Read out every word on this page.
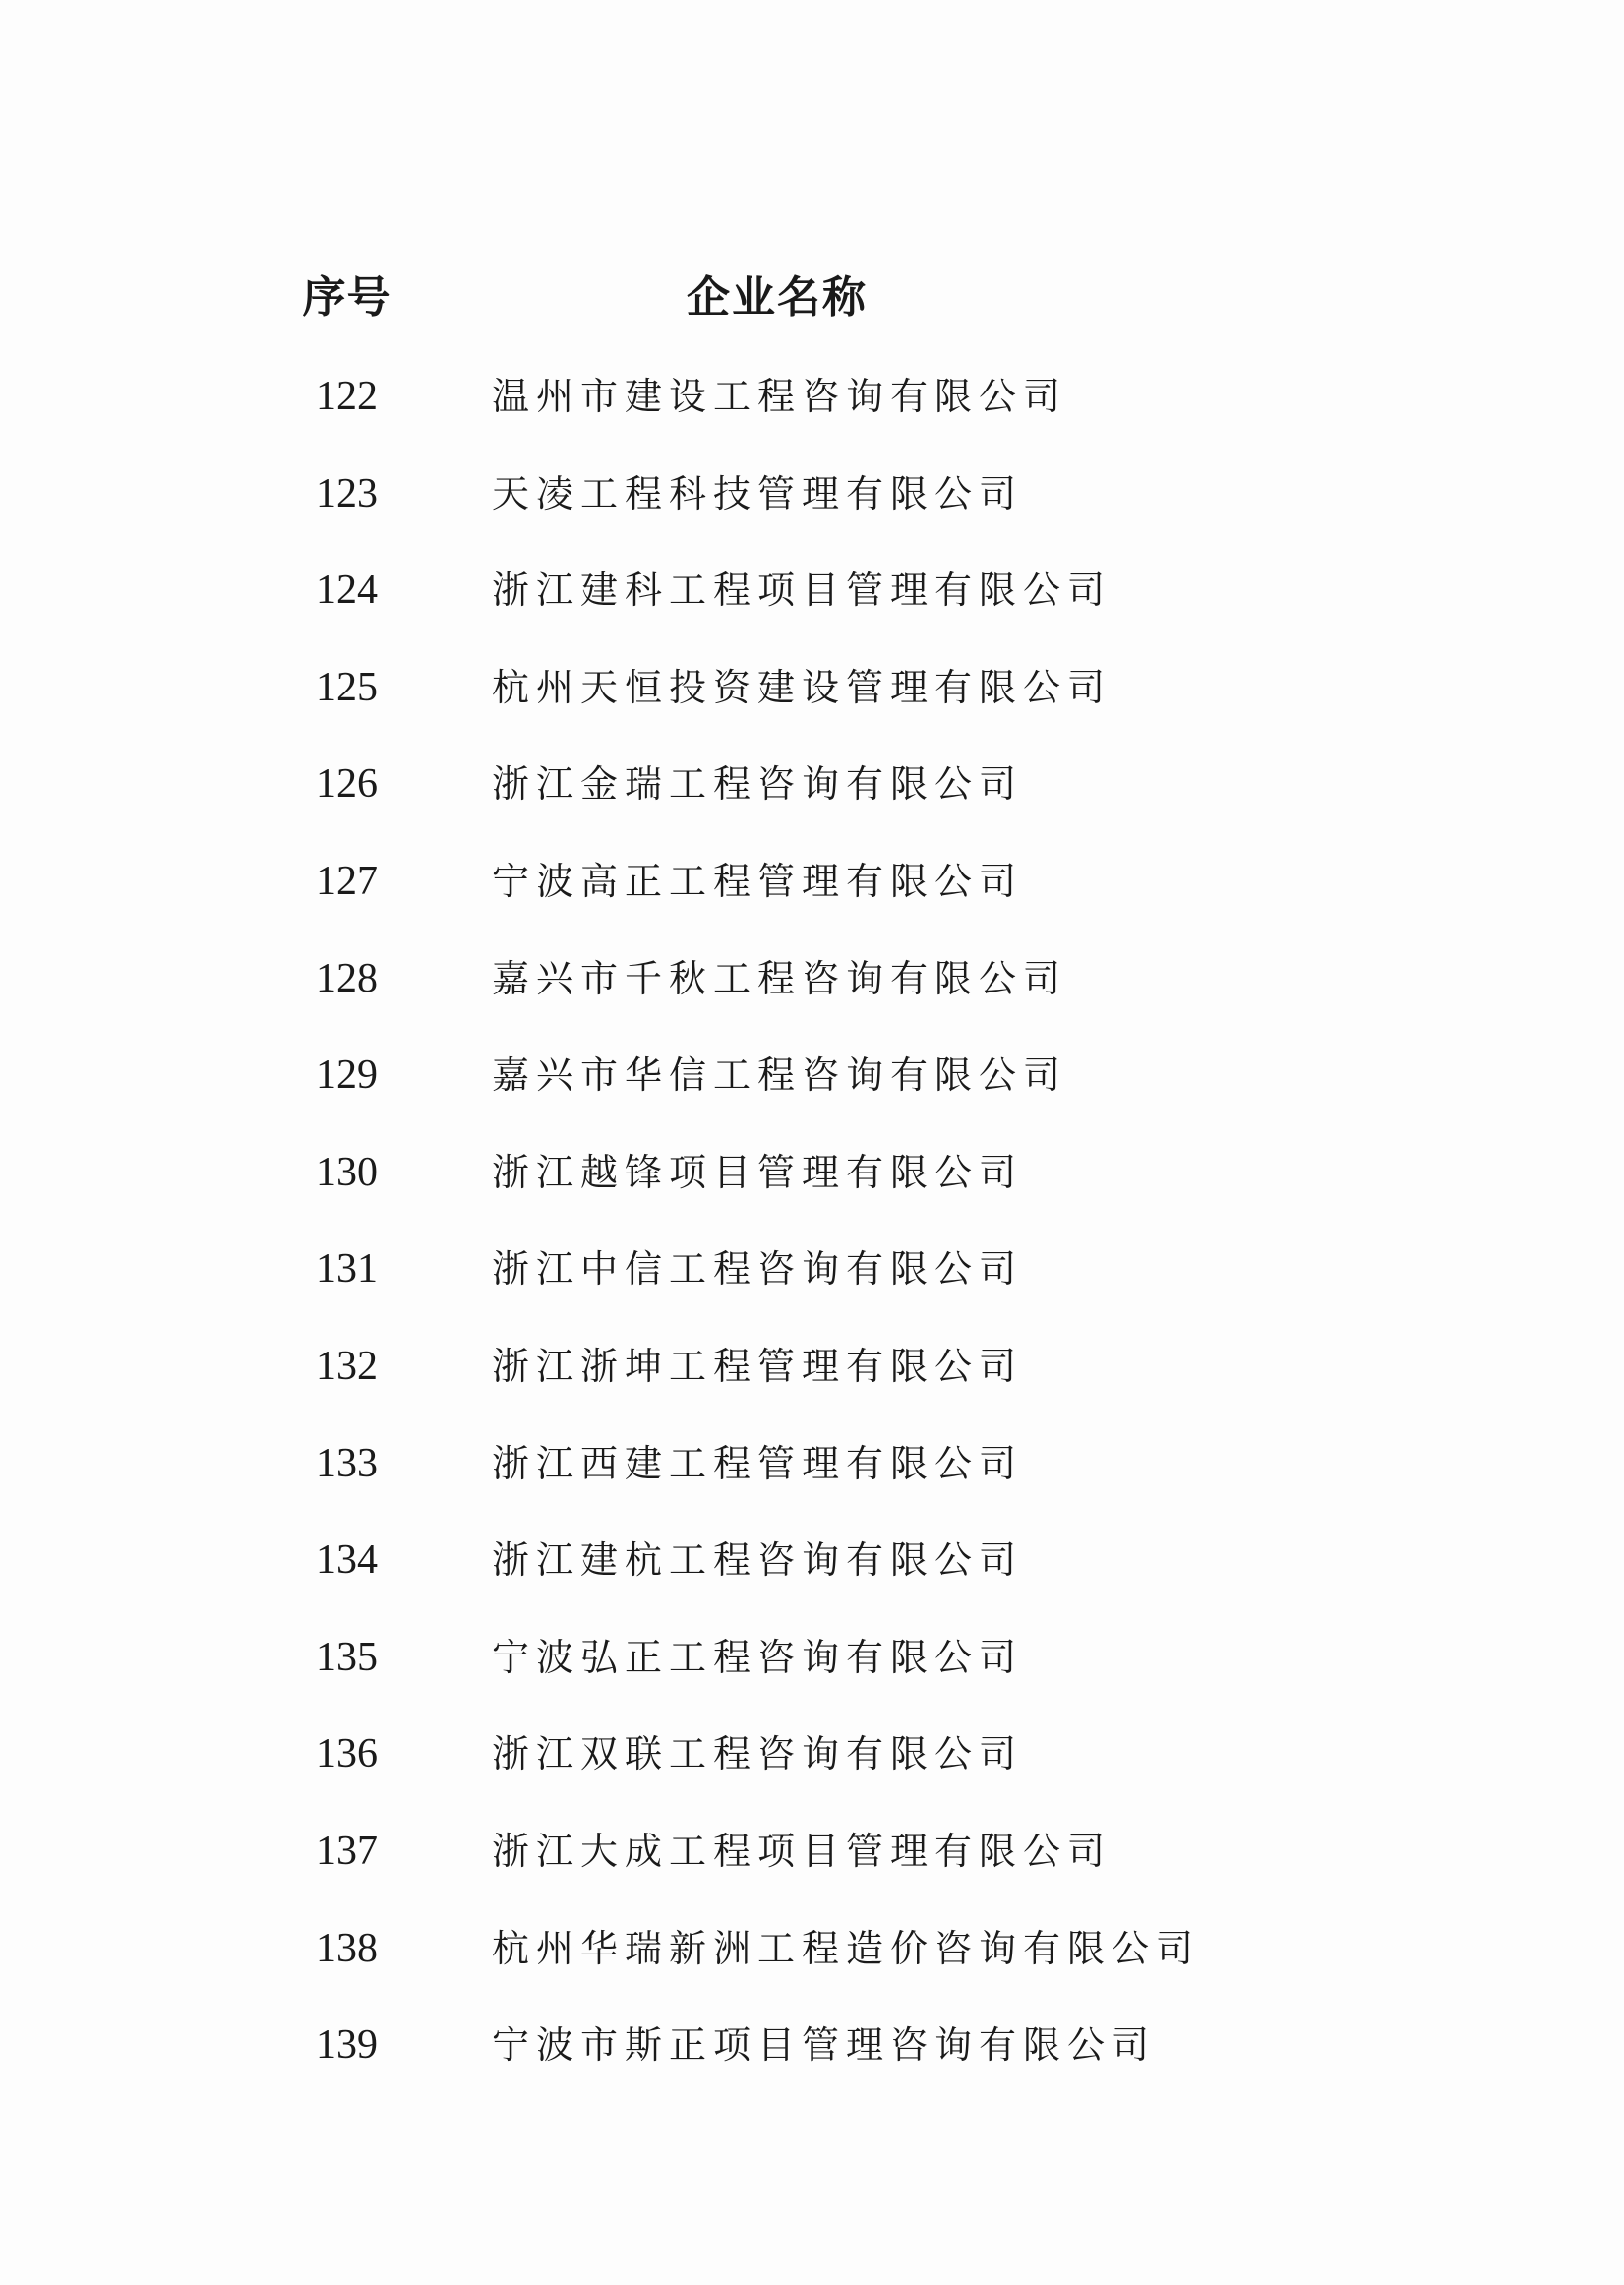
序号	企业名称
122	温州市建设工程咨询有限公司
123	天凌工程科技管理有限公司
124	浙江建科工程项目管理有限公司
125	杭州天恒投资建设管理有限公司
126	浙江金瑞工程咨询有限公司
127	宁波高正工程管理有限公司
128	嘉兴市千秋工程咨询有限公司
129	嘉兴市华信工程咨询有限公司
130	浙江越锋项目管理有限公司
131	浙江中信工程咨询有限公司
132	浙江浙坤工程管理有限公司
133	浙江西建工程管理有限公司
134	浙江建杭工程咨询有限公司
135	宁波弘正工程咨询有限公司
136	浙江双联工程咨询有限公司
137	浙江大成工程项目管理有限公司
138	杭州华瑞新洲工程造价咨询有限公司
139	宁波市斯正项目管理咨询有限公司
